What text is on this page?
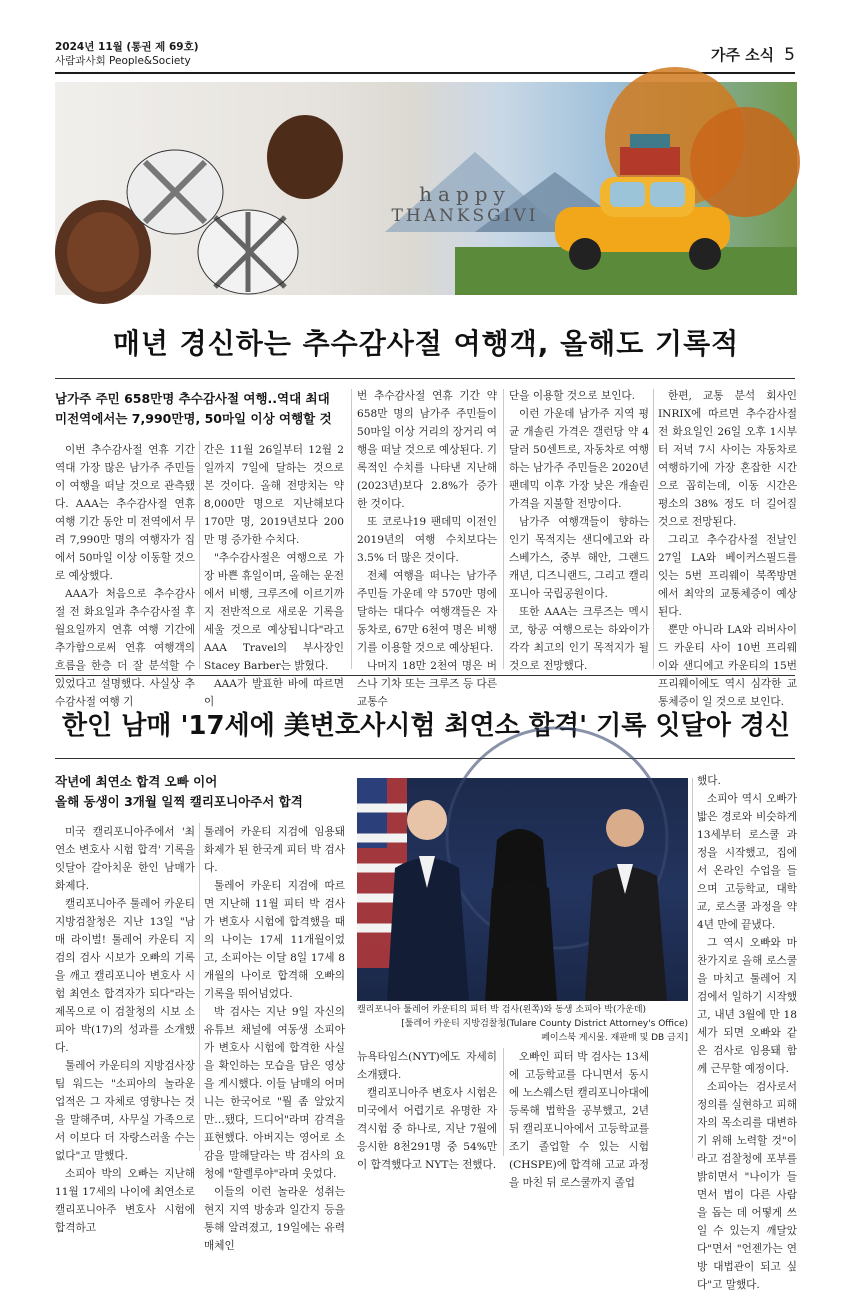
2024년 11월 (통권 제 69호)
사람과사회 People&Society	가주 소식 5
happy
THANKSGIVI
매년 경신하는 추수감사절 여행객, 올해도 기록적
남가주 주민 658만명 추수감사절 여행..역대 최대
미전역에서는 7,990만명, 50마일 이상 여행할 것

이번 추수감사절 연휴 기간 역대 가장 많은 남가주 주민들이 여행을 떠날 것으로 관측됐다. AAA는 추수감사절 연휴 여행 기간 동안 미 전역에서 무려 7,990만 명의 여행자가 집에서 50마일 이상 이동할 것으로 예상했다.

AAA가 처음으로 추수감사절 전 화요일과 추수감사절 후 월요일까지 연휴 여행 기간에 추가함으로써 연휴 여행객의 흐름을 한층 더 잘 분석할 수 있었다고 설명했다. 사실상 추수감사절 여행 기

간은 11월 26일부터 12월 2일까지 7일에 달하는 것으로 본 것이다. 올해 전망치는 약 8,000만 명으로 지난해보다 170만 명, 2019년보다 200만 명 증가한 수치다.

"추수감사절은 여행으로 가장 바쁜 휴일이며, 올해는 운전에서 비행, 크루즈에 이르기까지 전반적으로 새로운 기록을 세울 것으로 예상됩니다"라고 AAA Travel의 부사장인 Stacey Barber는 밝혔다.

AAA가 발표한 바에 따르면 이

번 추수감사절 연휴 기간 약 658만 명의 남가주 주민들이 50마일 이상 거리의 장거리 여행을 떠날 것으로 예상된다. 기록적인 수치를 나타낸 지난해(2023년)보다 2.8%가 증가한 것이다.

또 코로나19 팬데믹 이전인 2019년의 여행 수치보다는 3.5% 더 많은 것이다.

전체 여행을 떠나는 남가주 주민들 가운데 약 570만 명에 달하는 대다수 여행객들은 자동차로, 67만 6천여 명은 비행기를 이용할 것으로 예상된다.

나머지 18만 2천여 명은 버스나 기차 또는 크루즈 등 다른 교통수

단을 이용할 것으로 보인다.

이런 가운데 남가주 지역 평균 개솔린 가격은 갤런당 약 4달러 50센트로, 자동차로 여행하는 남가주 주민들은 2020년 팬데믹 이후 가장 낮은 개솔린 가격을 지불할 전망이다.

남가주 여행객들이 향하는 인기 목적지는 샌디에고와 라스베가스, 중부 해안, 그랜드 캐년, 디즈니랜드, 그리고 캘리포니아 국립공원이다.

또한 AAA는 크루즈는 멕시코, 항공 여행으로는 하와이가 각각 최고의 인기 목적지가 될 것으로 전망했다.

한편, 교통 분석 회사인 INRIX에 따르면 추수감사절 전 화요일인 26일 오후 1시부터 저녁 7시 사이는 자동차로 여행하기에 가장 혼잡한 시간으로 꼽히는데, 이동 시간은 평소의 38% 정도 더 길어질 것으로 전망된다.

그리고 추수감사절 전날인 27일 LA와 베이커스필드를 잇는 5번 프리웨이 북쪽방면에서 최악의 교통체증이 예상된다.

뿐만 아니라 LA와 리버사이드 카운티 사이 10번 프리웨이와 샌디에고 카운티의 15번 프리웨이에도 역시 심각한 교통체증이 일 것으로 보인다.

한인 남매 '17세에 美변호사시험 최연소 합격' 기록 잇달아 경신
작년에 최연소 합격 오빠 이어
올해 동생이 3개월 일찍 캘리포니아주서 합격

미국 캘리포니아주에서 '최연소 변호사 시험 합격' 기록을 잇달아 갈아치운 한인 남매가 화제다.

캘리포니아주 툴레어 카운티 지방검찰청은 지난 13일 "남매 라이벌! 툴레어 카운티 지검의 검사 시보가 오빠의 기록을 깨고 캘리포니아 변호사 시험 최연소 합격자가 되다"라는 제목으로 이 검찰청의 시보 소피아 박(17)의 성과를 소개했다.

툴레어 카운티의 지방검사장 팀 워드는 "소피아의 놀라운 업적은 그 자체로 영향나는 것을 말해주며, 사무실 가족으로서 이보다 더 자랑스러울 수는 없다"고 말했다.

소피아 박의 오빠는 지난해 11월 17세의 나이에 최연소로 캘리포니아주 변호사 시험에 합격하고

툴레어 카운티 지검에 임용돼 화제가 된 한국계 피터 박 검사다.

툴레어 카운티 지검에 따르면 지난해 11월 피터 박 검사가 변호사 시험에 합격했을 때의 나이는 17세 11개월이었고, 소피아는 이달 8일 17세 8개월의 나이로 합격해 오빠의 기록을 뛰어넘었다.

박 검사는 지난 9일 자신의 유튜브 채널에 여동생 소피아가 변호사 시험에 합격한 사실을 확인하는 모습을 담은 영상을 게시했다. 이들 남매의 어머니는 한국어로 "뭘 좀 알았지만…됐다, 드디어"라며 감격을 표현했다. 아버지는 영어로 소감을 말해달라는 박 검사의 요청에 "할렐루야"라며 웃었다.

이들의 이런 놀라운 성취는 현지 지역 방송과 일간지 등을 통해 알려졌고, 19일에는 유력 매체인

캘리포니아 툴레어 카운티의 피터 박 검사(왼쪽)와 동생 소피아 박(가운데)
[툴레어 카운티 지방검찰청(Tulare County District Attorney's Office)
페이스북 게시물. 재판매 및 DB 금지]

뉴욕타임스(NYT)에도 자세히 소개됐다.

캘리포니아주 변호사 시험은 미국에서 어렵기로 유명한 자격시험 중 하나로, 지난 7월에 응시한 8천291명 중 54%만이 합격했다고 NYT는 전했다.

오빠인 피터 박 검사는 13세에 고등학교를 다니면서 동시에 노스웨스턴 캘리포니아대에 등록해 법학을 공부했고, 2년 뒤 캘리포니아에서 고등학교를 조기 졸업할 수 있는 시험(CHSPE)에 합격해 고교 과정을 마친 뒤 로스쿨까지 졸업

했다.

소피아 역시 오빠가 밟은 경로와 비슷하게 13세부터 로스쿨 과정을 시작했고, 집에서 온라인 수업을 들으며 고등학교, 대학교, 로스쿨 과정을 약 4년 만에 끝냈다.

그 역시 오빠와 마찬가지로 올해 로스쿨을 마치고 툴레어 지검에서 일하기 시작했고, 내년 3월에 만 18세가 되면 오빠와 같은 검사로 임용돼 함께 근무할 예정이다.

소피아는 검사로서 정의를 실현하고 피해자의 목소리를 대변하기 위해 노력할 것"이라고 검찰청에 포부를 밝히면서 "나이가 들면서 법이 다른 사람을 돕는 데 어떻게 쓰일 수 있는지 깨달았다"면서 "언젠가는 연방 대법관이 되고 싶다"고 말했다.
